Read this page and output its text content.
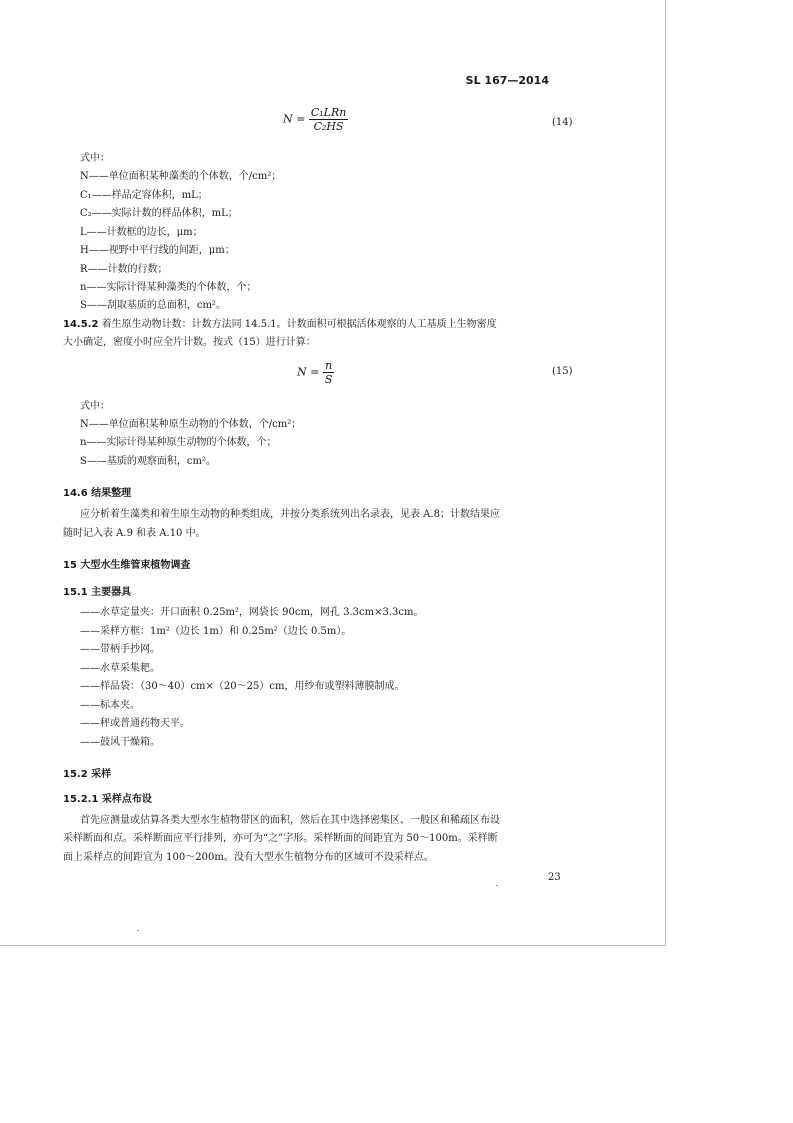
SL 167—2014
$N = \frac{\text{C₁LRn}}{\text{C₂HS}}$	(14)
式中：
N——单位面积某种藻类的个体数，个/cm²；
C₁——样品定容体积，mL；
C₂——实际计数的样品体积，mL；
L——计数框的边长，μm；
H——视野中平行线的间距，μm；
R——计数的行数；
n——实际计得某种藻类的个体数，个；
S——刮取基质的总面积，cm²。
14.5.2 着生原生动物计数：计数方法同 14.5.1。计数面积可根据活体观察的人工基质上生物密度
大小确定，密度小时应全片计数。按式（15）进行计算：
$N = \frac{n}{S}$	(15)
式中：
N——单位面积某种原生动物的个体数，个/cm²；
n——实际计得某种原生动物的个体数，个；
S——基质的观察面积，cm²。
14.6 结果整理
应分析着生藻类和着生原生动物的种类组成，并按分类系统列出名录表，见表 A.8；计数结果应
随时记入表 A.9 和表 A.10 中。
15 大型水生维管束植物调查
15.1 主要器具
——水草定量夹：开口面积 0.25m²，网袋长 90cm，网孔 3.3cm×3.3cm。
——采样方框：1m²（边长 1m）和 0.25m²（边长 0.5m）。
——带柄手抄网。
——水草采集耙。
——样品袋：（30～40）cm×（20～25）cm，用纱布或塑料薄膜制成。
——标本夹。
——秤或普通药物天平。
——鼓风干燥箱。
15.2 采样
15.2.1 采样点布设
首先应测量或估算各类大型水生植物带区的面积，然后在其中选择密集区、一般区和稀疏区布设
采样断面和点。采样断面应平行排列，亦可为“之”字形。采样断面的间距宜为 50～100m。采样断
面上采样点的间距宜为 100～200m。没有大型水生植物分布的区域可不设采样点。
23
